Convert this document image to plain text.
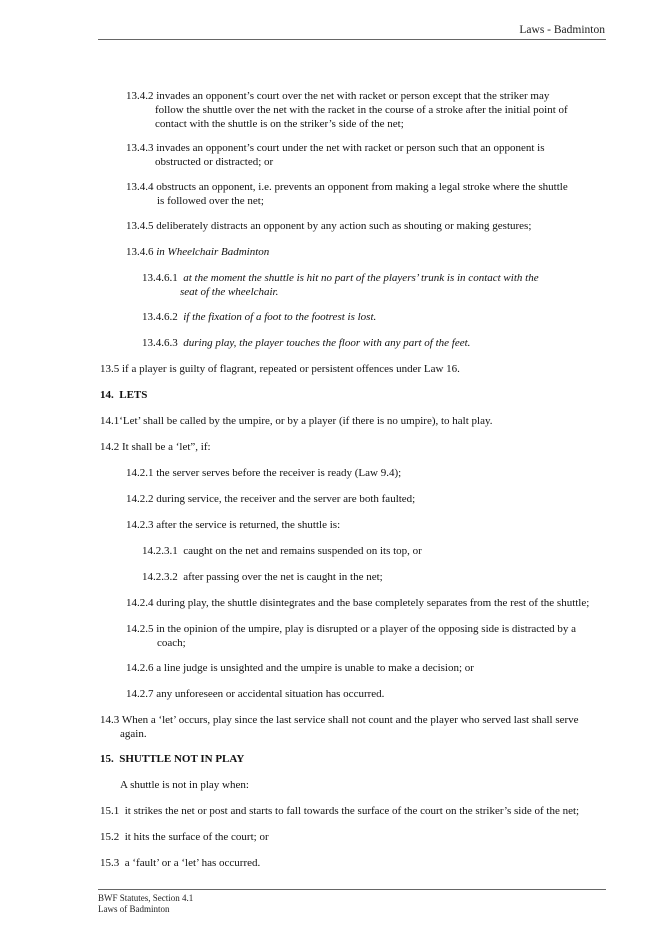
Laws - Badminton
13.4.2 invades an opponent’s court over the net with racket or person except that the striker may
follow the shuttle over the net with the racket in the course of a stroke after the initial point of
contact with the shuttle is on the striker’s side of the net;
13.4.3 invades an opponent’s court under the net with racket or person such that an opponent is
obstructed or distracted; or
13.4.4 obstructs an opponent, i.e. prevents an opponent from making a legal stroke where the shuttle
is followed over the net;
13.4.5 deliberately distracts an opponent by any action such as shouting or making gestures;
13.4.6 in Wheelchair Badminton
13.4.6.1 at the moment the shuttle is hit no part of the players’ trunk is in contact with the
seat of the wheelchair.
13.4.6.2 if the fixation of a foot to the footrest is lost.
13.4.6.3 during play, the player touches the floor with any part of the feet.
13.5 if a player is guilty of flagrant, repeated or persistent offences under Law 16.
14. LETS
14.1‘Let’ shall be called by the umpire, or by a player (if there is no umpire), to halt play.
14.2 It shall be a ‘let”, if:
14.2.1 the server serves before the receiver is ready (Law 9.4);
14.2.2 during service, the receiver and the server are both faulted;
14.2.3 after the service is returned, the shuttle is:
14.2.3.1 caught on the net and remains suspended on its top, or
14.2.3.2 after passing over the net is caught in the net;
14.2.4 during play, the shuttle disintegrates and the base completely separates from the rest of the shuttle;
14.2.5 in the opinion of the umpire, play is disrupted or a player of the opposing side is distracted by a
coach;
14.2.6 a line judge is unsighted and the umpire is unable to make a decision; or
14.2.7 any unforeseen or accidental situation has occurred.
14.3 When a ‘let’ occurs, play since the last service shall not count and the player who served last shall serve
again.
15. SHUTTLE NOT IN PLAY
A shuttle is not in play when:
15.1 it strikes the net or post and starts to fall towards the surface of the court on the striker’s side of the net;
15.2 it hits the surface of the court; or
15.3 a ‘fault’ or a ‘let’ has occurred.
BWF Statutes, Section 4.1
Laws of Badminton
